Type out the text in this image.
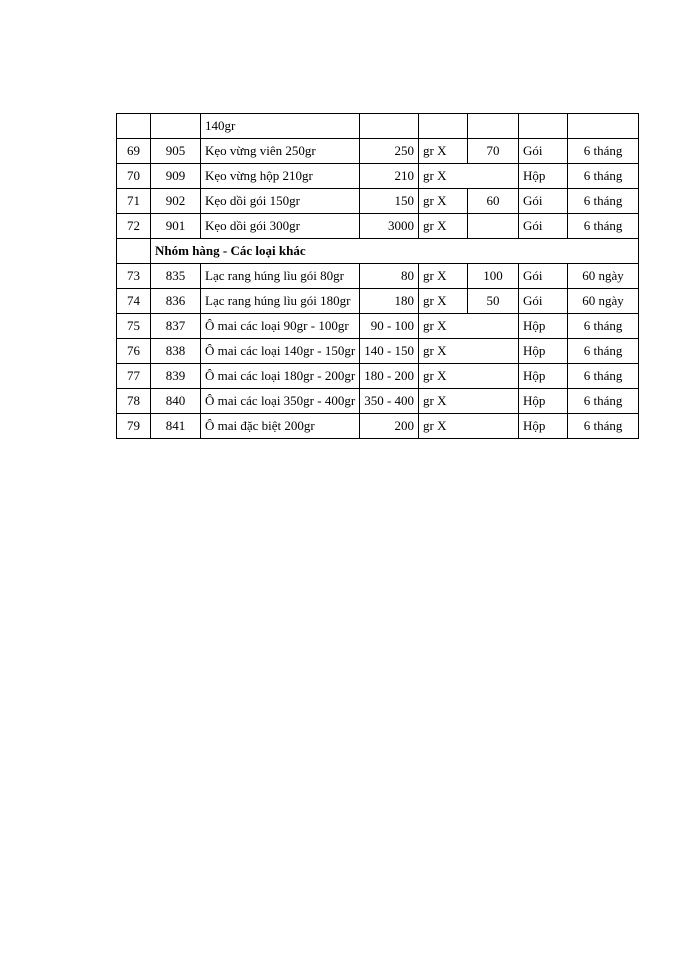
		140gr					
69	905	Kẹo vừng viên 250gr	250	gr X	70	Gói	6 tháng
70	909	Kẹo vừng hộp 210gr	210	gr X		Hộp	6 tháng
71	902	Kẹo dồi gói 150gr	150	gr X	60	Gói	6 tháng
72	901	Kẹo dồi gói 300gr	3000	gr X		Gói	6 tháng
	Nhóm hàng - Các loại khác						
73	835	Lạc rang húng lìu gói 80gr	80	gr X	100	Gói	60 ngày
74	836	Lạc rang húng lìu gói 180gr	180	gr X	50	Gói	60 ngày
75	837	Ô mai các loại 90gr - 100gr	90 - 100	gr X		Hộp	6 tháng
76	838	Ô mai các loại 140gr - 150gr	140 - 150	gr X		Hộp	6 tháng
77	839	Ô mai các loại 180gr - 200gr	180 - 200	gr X		Hộp	6 tháng
78	840	Ô mai các loại 350gr - 400gr	350 - 400	gr X		Hộp	6 tháng
79	841	Ô mai đặc biệt 200gr	200	gr X		Hộp	6 tháng
